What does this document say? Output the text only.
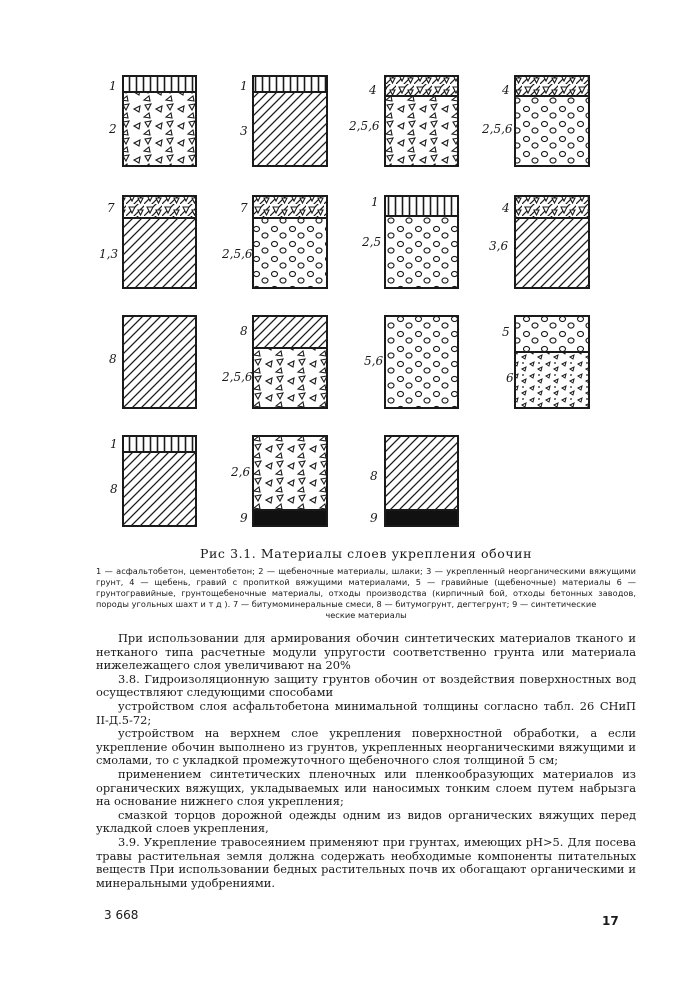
1
2
1
3
4
2,5,6
4
2,5,6
7
1,3
7
2,5,6
1
2,5
4
3,6
8
8
2,5,6
5,6
5
6
1
8
2,6
9
8
9
Рис 3.1. Материалы слоев укрепления обочин
1 — асфальтобетон, цементобетон; 2 — щебеночные материалы, шлаки; 3 — укрепленный неорганическими вяжущими грунт, 4 — щебень, гравий с пропиткой вяжущими материалами, 5 — гравийные (щебеночные) материалы 6 — грунтогравийные, грунтощебеночные материалы, отходы производства (кирпичный бой, отходы бетонных заводов, породы угольных шахт и т д ). 7 — битумоминеральные смеси, 8 — битумогрунт, дегтегрунт; 9 — синтетические
ческие материалы

При использовании для армирования обочин синтетических материалов тканого и нетканого типа расчетные модули упругости соответственно грунта или материала нижележащего слоя увеличивают на 20%

3.8. Гидроизоляционную защиту грунтов обочин от воздействия поверхностных вод осуществляют следующими способами

устройством слоя асфальтобетона минимальной толщины согласно табл. 26 СНиП II-Д.5-72;

устройством на верхнем слое укрепления поверхностной обработки, а если укрепление обочин выполнено из грунтов, укрепленных неорганическими вяжущими и смолами, то с укладкой промежуточного щебеночного слоя толщиной 5 см;

применением синтетических пленочных или пленкообразующих материалов из органических вяжущих, укладываемых или наносимых тонким слоем путем набрызга на основание нижнего слоя укрепления;

смазкой торцов дорожной одежды одним из видов органических вяжущих перед укладкой слоев укрепления,

3.9. Укрепление травосеянием применяют при грунтах, имеющих pH>5. Для посева травы растительная земля должна содержать необходимые компоненты питательных веществ При использовании бедных растительных почв их обогащают органическими и минеральными удобрениями.

3 668	17
